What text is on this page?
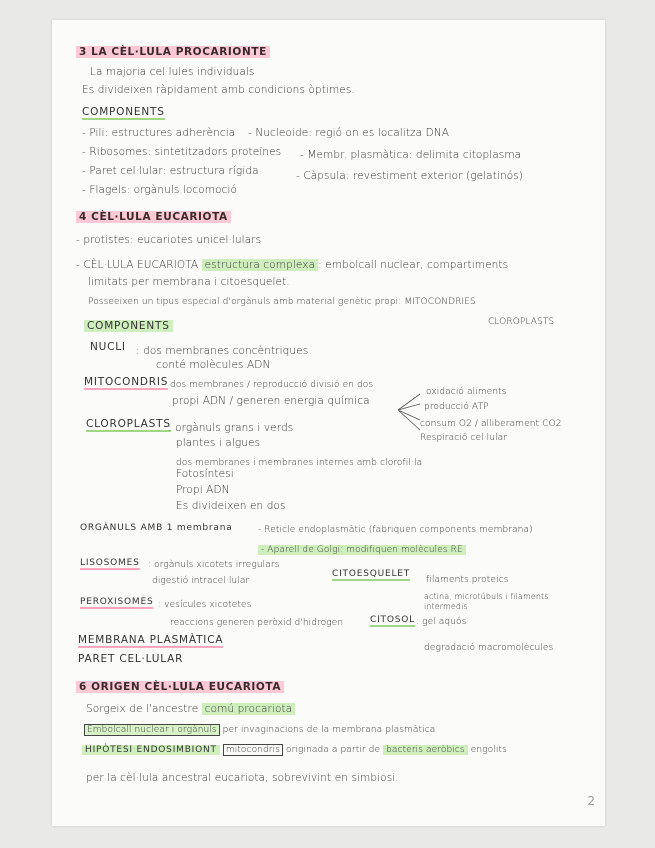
3 LA CÈL·LULA PROCARIONTE
La majoria cel·lules individuals
Es divideixen ràpidament amb condicions òptimes.
COMPONENTS
- Pili: estructures adherència - Nucleoide: regió on es localitza DNA
- Ribosomes: sintetitzadors proteïnes - Membr. plasmàtica: delimita citoplasma
- Paret cel·lular: estructura rígida	- Càpsula: revestiment exterior (gelatinós)
- Flagels: orgànuls locomoció
4 CÈL·LULA EUCARIOTA
- protistes: eucariotes unicel·lulars
- CÈL·LULA EUCARIOTA estructura complexa : embolcall nuclear, compartiments
limitats per membrana i citoesquelet.
Posseeixen un tipus especial d'orgànuls amb material genètic propi: MITOCONDRIES
CLOROPLASTS
COMPONENTS
NUCLI : dos membranes concèntriques
conté molècules ADN
MITOCONDRIS dos membranes / reproducció divisió en dos
propi ADN / generen energia química
oxidació aliments
producció ATP
consum O2 / alliberament CO2
Respiració cel·lular
CLOROPLASTS
: orgànuls grans i verds
plantes i algues
dos membranes i membranes internes amb clorofil·la
Fotosíntesi
Propi ADN
Es divideixen en dos
ORGÀNULS AMB 1 membrana	- Reticle endoplasmàtic (fabriquen components membrana)
- Aparell de Golgi: modifiquen molècules RE
LISOSOMES : orgànuls xicotets irregulars
digestió intracel·lular
CITOESQUELET
filaments proteics
actina, microtúbuls i filaments
intermedis
PEROXISOMES : vesícules xicotetes
reaccions generen peròxid d'hidrogen	CITOSOL : gel aquós
degradació macromolècules
MEMBRANA PLASMÀTICA
PARET CEL·LULAR
6 ORIGEN CÈL·LULA EUCARIOTA
Sorgeix de l'ancestre comú procariota
Embolcall nuclear i orgànuls per invaginacions de la membrana plasmàtica
HIPÒTESI ENDOSIMBIONT mitocondris originada a partir de bacteris aeròbics engolits
per la cèl·lula ancestral eucariota, sobrevivint en simbiosi.
2
